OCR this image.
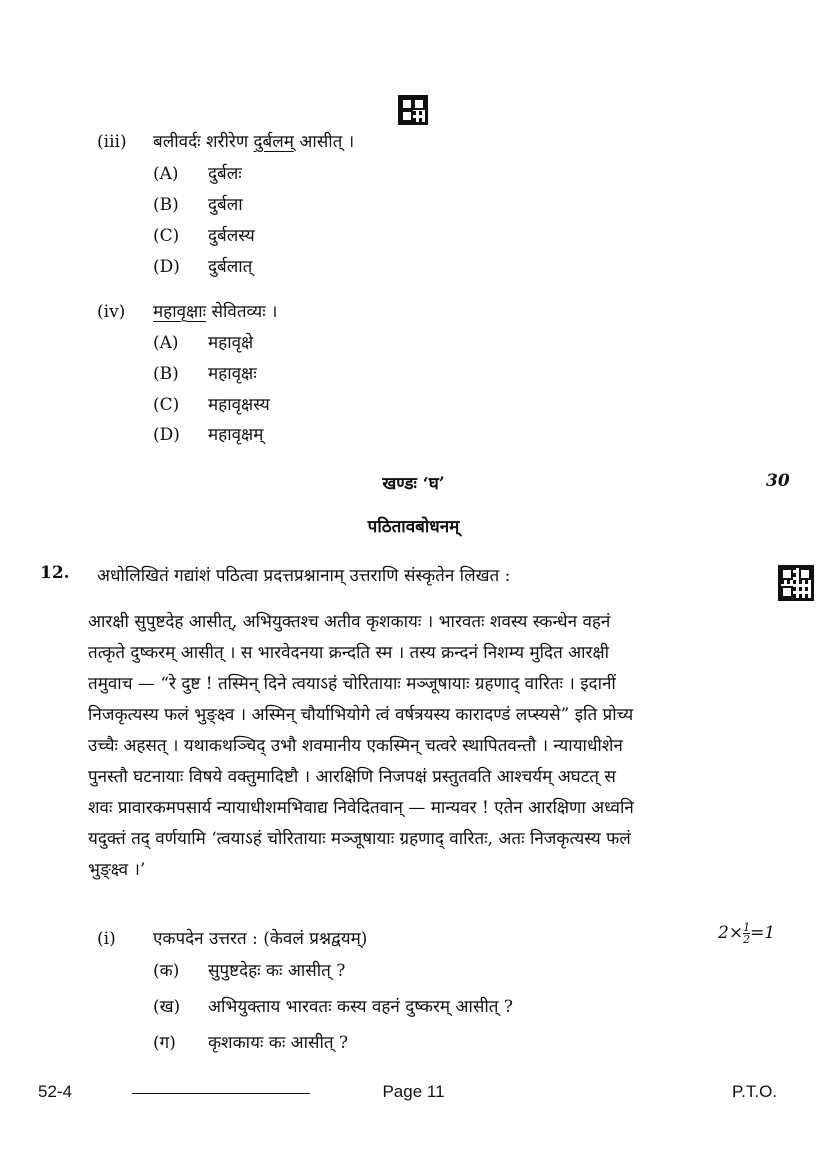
(iii) बलीवर्दः शरीरेण दुर्बलम् आसीत् ।
(A) दुर्बलः
(B) दुर्बला
(C) दुर्बलस्य
(D) दुर्बलात्
(iv) महावृक्षाः सेवितव्यः ।
(A) महावृक्षे
(B) महावृक्षः
(C) महावृक्षस्य
(D) महावृक्षम्
खण्डः ‘घ’	30
पठितावबोधनम्
12. अधोलिखितं गद्यांशं पठित्वा प्रदत्तप्रश्नानाम् उत्तराणि संस्कृतेन लिखत :
आरक्षी सुपुष्टदेह आसीत्, अभियुक्तश्च अतीव कृशकायः । भारवतः शवस्य स्कन्धेन वहनं
तत्कृते दुष्करम् आसीत् । स भारवेदनया क्रन्दति स्म । तस्य क्रन्दनं निशम्य मुदित आरक्षी
तमुवाच — “रे दुष्ट ! तस्मिन् दिने त्वयाऽहं चोरितायाः मञ्जूषायाः ग्रहणाद् वारितः । इदानीं
निजकृत्यस्य फलं भुङ्क्ष्व । अस्मिन् चौर्याभियोगे त्वं वर्षत्रयस्य कारादण्डं लप्स्यसे” इति प्रोच्य
उच्चैः अहसत् । यथाकथञ्चिद् उभौ शवमानीय एकस्मिन् चत्वरे स्थापितवन्तौ । न्यायाधीशेन
पुनस्तौ घटनायाः विषये वक्तुमादिष्टौ । आरक्षिणि निजपक्षं प्रस्तुतवति आश्चर्यम् अघटत् स
शवः प्रावारकमपसार्य न्यायाधीशमभिवाद्य निवेदितवान् — मान्यवर ! एतेन आरक्षिणा अध्वनि
यदुक्तं तद् वर्णयामि ‘त्वयाऽहं चोरितायाः मञ्जूषायाः ग्रहणाद् वारितः, अतः निजकृत्यस्य फलं
भुङ्क्ष्व ।’
(i) एकपदेन उत्तरत : (केवलं प्रश्नद्वयम्)	$2\times \frac{1}{2} =1$
(क) सुपुष्टदेहः कः आसीत् ?
(ख) अभियुक्ताय भारवतः कस्य वहनं दुष्करम् आसीत् ?
(ग) कृशकायः कः आसीत् ?
52-4	Page 11	P.T.O.
